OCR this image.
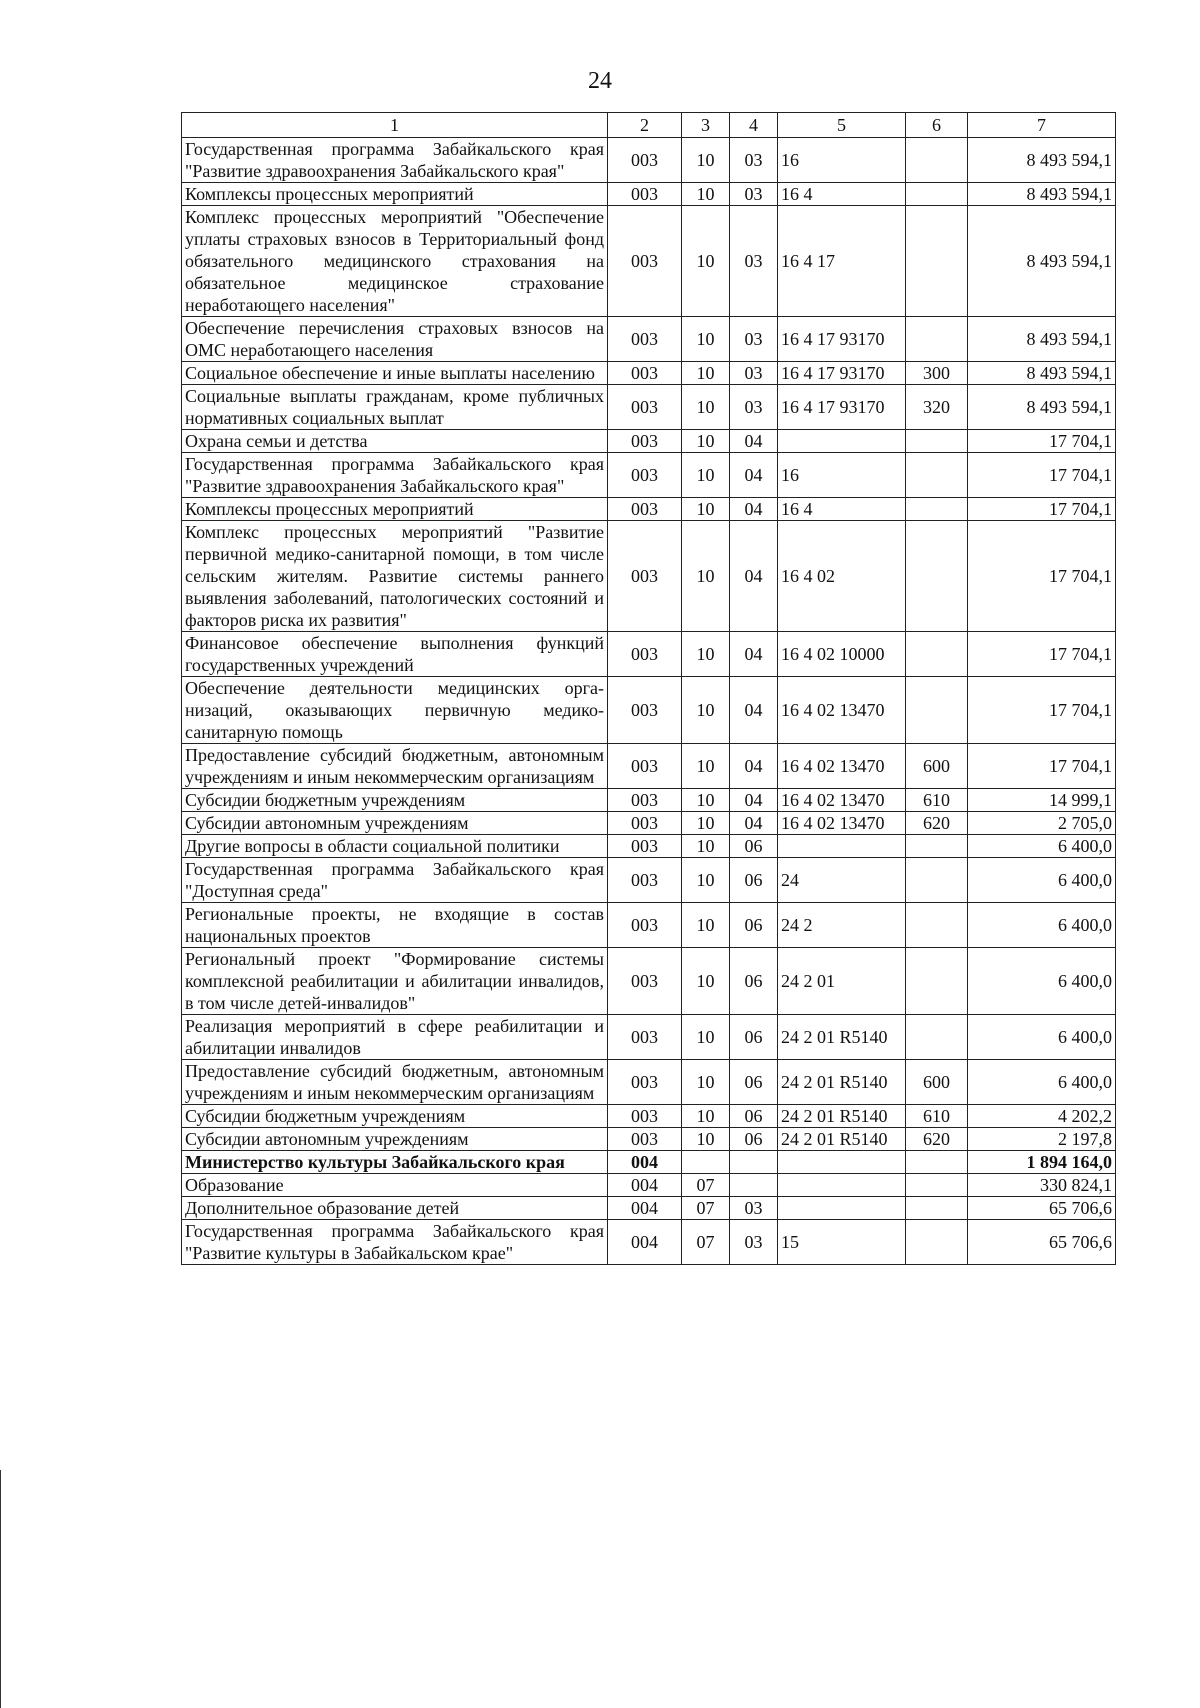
24
1	2	3	4	5	6	7
Государственная программа Забайкальского края "Развитие здравоохранения Забайкальского края"	003	10	03	16		8 493 594,1
Комплексы процессных мероприятий	003	10	03	16 4		8 493 594,1
Комплекс процессных мероприятий "Обеспечение уплаты страховых взносов в Территориальный фонд обязательного медицинского страхования на обязательное медицинское страхование неработающего населения"	003	10	03	16 4 17		8 493 594,1
Обеспечение перечисления страховых взносов на ОМС неработающего населения	003	10	03	16 4 17 93170		8 493 594,1
Социальное обеспечение и иные выплаты населению	003	10	03	16 4 17 93170	300	8 493 594,1
Социальные выплаты гражданам, кроме публичных нормативных социальных выплат	003	10	03	16 4 17 93170	320	8 493 594,1
Охрана семьи и детства	003	10	04			17 704,1
Государственная программа Забайкальского края "Развитие здравоохранения Забайкальского края"	003	10	04	16		17 704,1
Комплексы процессных мероприятий	003	10	04	16 4		17 704,1
Комплекс процессных мероприятий "Развитие первичной медико-санитарной помощи, в том числе сельским жителям. Развитие системы раннего выявления заболеваний, патологических состояний и факторов риска их развития"	003	10	04	16 4 02		17 704,1
Финансовое обеспечение выполнения функций государственных учреждений	003	10	04	16 4 02 10000		17 704,1
Обеспечение деятельности медицинских организаций, оказывающих первичную медико-санитарную помощь	003	10	04	16 4 02 13470		17 704,1
Предоставление субсидий бюджетным, автономным учреждениям и иным некоммерческим организациям	003	10	04	16 4 02 13470	600	17 704,1
Субсидии бюджетным учреждениям	003	10	04	16 4 02 13470	610	14 999,1
Субсидии автономным учреждениям	003	10	04	16 4 02 13470	620	2 705,0
Другие вопросы в области социальной политики	003	10	06			6 400,0
Государственная программа Забайкальского края "Доступная среда"	003	10	06	24		6 400,0
Региональные проекты, не входящие в состав национальных проектов	003	10	06	24 2		6 400,0
Региональный проект "Формирование системы комплексной реабилитации и абилитации инвалидов, в том числе детей-инвалидов"	003	10	06	24 2 01		6 400,0
Реализация мероприятий в сфере реабилитации и абилитации инвалидов	003	10	06	24 2 01 R5140		6 400,0
Предоставление субсидий бюджетным, автономным учреждениям и иным некоммерческим организациям	003	10	06	24 2 01 R5140	600	6 400,0
Субсидии бюджетным учреждениям	003	10	06	24 2 01 R5140	610	4 202,2
Субсидии автономным учреждениям	003	10	06	24 2 01 R5140	620	2 197,8
Министерство культуры Забайкальского края	004					1 894 164,0
Образование	004	07				330 824,1
Дополнительное образование детей	004	07	03			65 706,6
Государственная программа Забайкальского края "Развитие культуры в Забайкальском крае"	004	07	03	15		65 706,6
